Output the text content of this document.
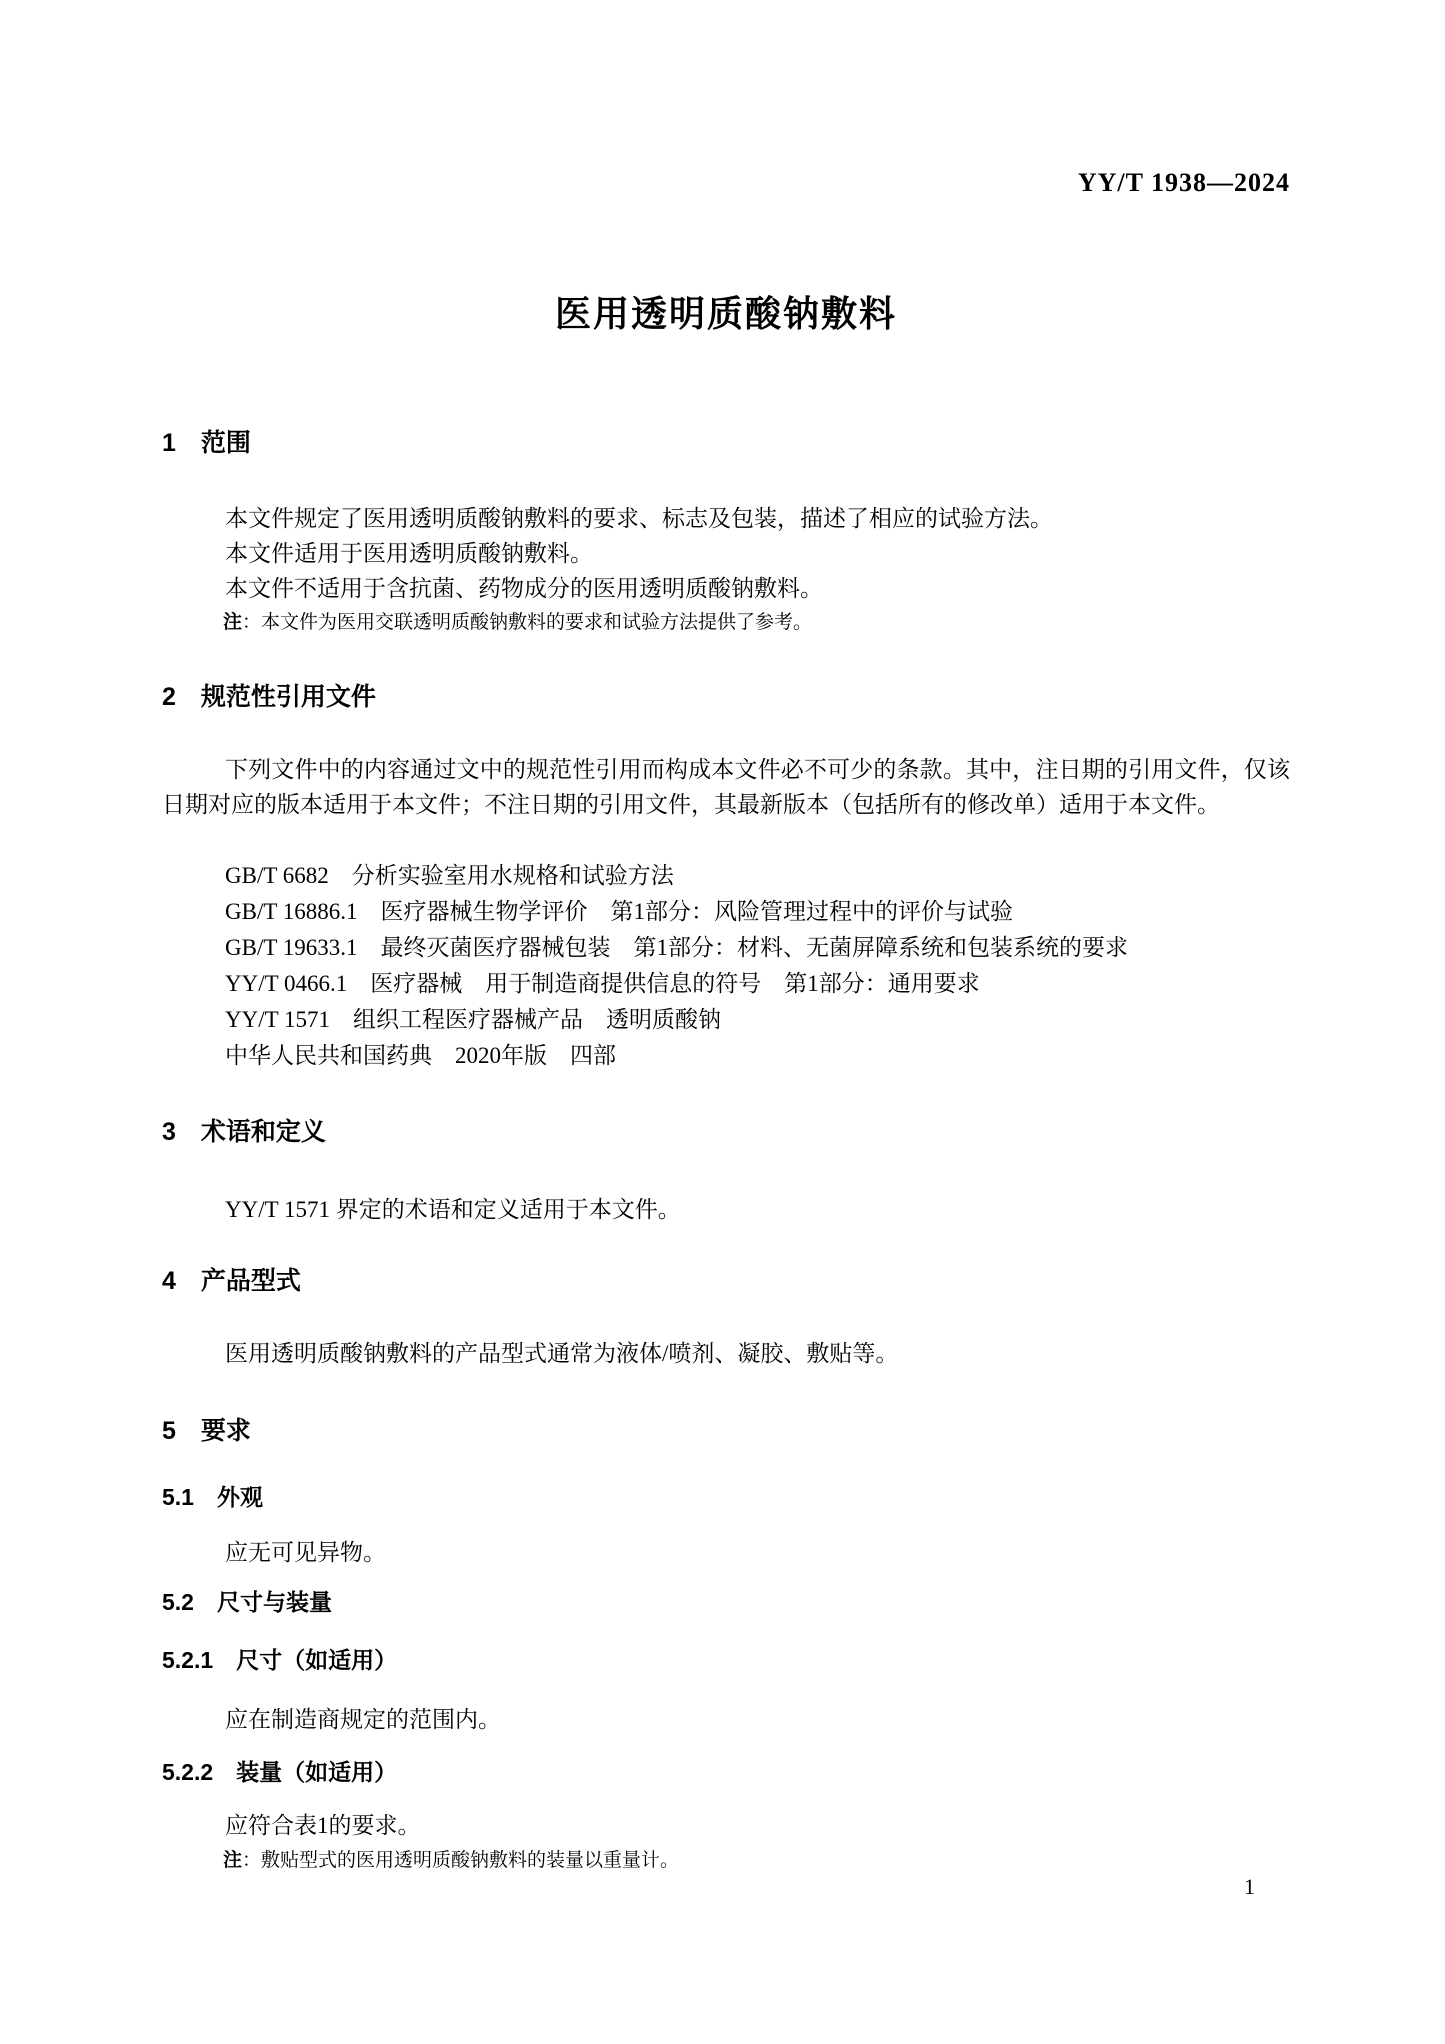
YY/T 1938—2024
医用透明质酸钠敷料
1　范围
本文件规定了医用透明质酸钠敷料的要求、标志及包装，描述了相应的试验方法。
本文件适用于医用透明质酸钠敷料。
本文件不适用于含抗菌、药物成分的医用透明质酸钠敷料。
注：本文件为医用交联透明质酸钠敷料的要求和试验方法提供了参考。
2　规范性引用文件
下列文件中的内容通过文中的规范性引用而构成本文件必不可少的条款。其中，注日期的引用文件，仅该日期对应的版本适用于本文件；不注日期的引用文件，其最新版本（包括所有的修改单）适用于本文件。
GB/T 6682　分析实验室用水规格和试验方法
GB/T 16886.1　医疗器械生物学评价　第1部分：风险管理过程中的评价与试验
GB/T 19633.1　最终灭菌医疗器械包装　第1部分：材料、无菌屏障系统和包装系统的要求
YY/T 0466.1　医疗器械　用于制造商提供信息的符号　第1部分：通用要求
YY/T 1571　组织工程医疗器械产品　透明质酸钠
中华人民共和国药典　2020年版　四部
3　术语和定义
YY/T 1571 界定的术语和定义适用于本文件。
4　产品型式
医用透明质酸钠敷料的产品型式通常为液体/喷剂、凝胶、敷贴等。
5　要求
5.1　外观
应无可见异物。
5.2　尺寸与装量
5.2.1　尺寸（如适用）
应在制造商规定的范围内。
5.2.2　装量（如适用）
应符合表1的要求。
注：敷贴型式的医用透明质酸钠敷料的装量以重量计。
1
